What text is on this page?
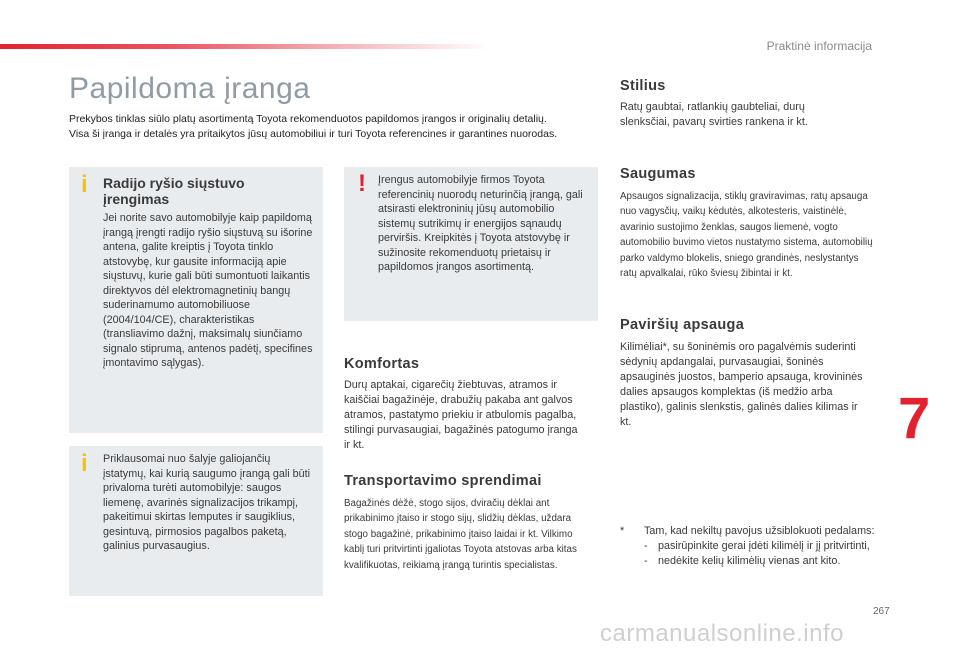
Praktinė informacija
Papildoma įranga

Prekybos tinklas siūlo platų asortimentą Toyota rekomenduotos papildomos įrangos ir originalių detalių.

Visa ši įranga ir detalės yra pritaikytos jūsų automobiliui ir turi Toyota referencines ir garantines nuorodas.

i Radijo ryšio siųstuvo įrengimas
Jei norite savo automobilyje kaip papildomą įrangą įrengti radijo ryšio siųstuvą su išorine antena, galite kreiptis į Toyota tinklo atstovybę, kur gausite informaciją apie siųstuvų, kurie gali būti sumontuoti laikantis direktyvos dėl elektromagnetinių bangų suderinamumo automobiliuose (2004/104/CE), charakteristikas (transliavimo dažnį, maksimalų siunčiamo signalo stiprumą, antenos padėtį, specifines įmontavimo sąlygas).
! Įrengus automobilyje firmos Toyota referencinių nuorodų neturinčią įrangą, gali atsirasti elektroninių jūsų automobilio sistemų sutrikimų ir energijos sąnaudų perviršis. Kreipkitės į Toyota atstovybę ir sužinosite rekomenduotų prietaisų ir papildomos įrangos asortimentą.
i Priklausomai nuo šalyje galiojančių įstatymų, kai kurią saugumo įrangą gali būti privaloma turėti automobilyje: saugos liemenę, avarinės signalizacijos trikampį, pakeitimui skirtas lemputes ir saugiklius, gesintuvą, pirmosios pagalbos paketą, galinius purvasaugius.
Komfortas
Durų aptakai, cigarečių žiebtuvas, atramos ir kaiščiai bagažinėje, drabužių pakaba ant galvos atramos, pastatymo priekiu ir atbulomis pagalba, stilingi purvasaugiai, bagažinės patogumo įranga ir kt.
Transportavimo sprendimai
Bagažinės dėžė, stogo sijos, dviračių dėklai ant prikabinimo įtaiso ir stogo sijų, slidžių dėklas, uždara stogo bagažinė, prikabinimo įtaiso laidai ir kt. Vilkimo kablį turi pritvirtinti įgaliotas Toyota atstovas arba kitas kvalifikuotas, reikiamą įrangą turintis specialistas.
Stilius
Ratų gaubtai, ratlankių gaubteliai, durų slenksčiai, pavarų svirties rankena ir kt.
Saugumas
Apsaugos signalizacija, stiklų graviravimas, ratų apsauga nuo vagysčių, vaikų kėdutės, alkotesteris, vaistinėlė, avarinio sustojimo ženklas, saugos liemenė, vogto automobilio buvimo vietos nustatymo sistema, automobilių parko valdymo blokelis, sniego grandinės, neslystantys ratų apvalkalai, rūko šviesų žibintai ir kt.
Paviršių apsauga
Kilimėliai*, su šoninėmis oro pagalvėmis suderinti sėdynių apdangalai, purvasaugiai, šoninės apsauginės juostos, bamperio apsauga, krovininės dalies apsaugos komplektas (iš medžio arba plastiko), galinis slenkstis, galinės dalies kilimas ir kt.
* Tam, kad nekiltų pavojus užsiblokuoti pedalams:
- pasirūpinkite gerai įdėti kilimėlį ir jį pritvirtinti,
- nedėkite kelių kilimėlių vienas ant kito.
7
267
carmanualsonline.info
